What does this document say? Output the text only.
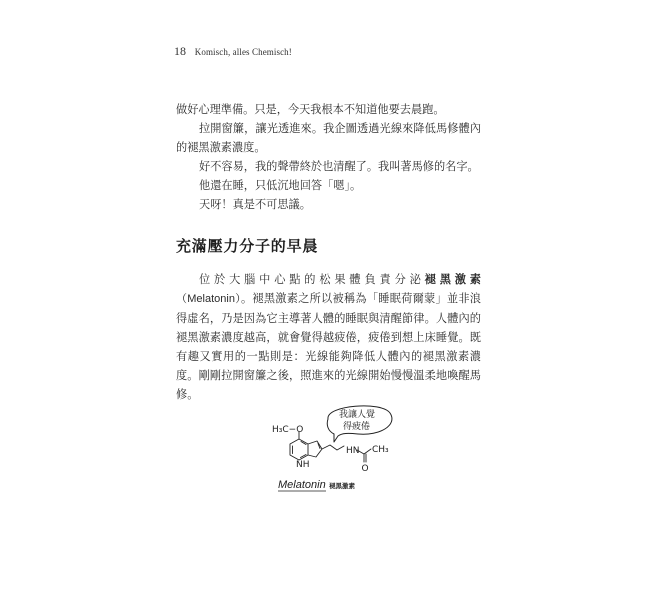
18 Komisch, alles Chemisch!

做好心理準備。只是，今天我根本不知道他要去晨跑。

拉開窗簾，讓光透進來。我企圖透過光線來降低馬修體內的褪黑激素濃度。

好不容易，我的聲帶終於也清醒了。我叫著馬修的名字。

他還在睡，只低沉地回答「嗯」。

天呀！真是不可思議。

充滿壓力分子的早晨

位於大腦中心點的松果體負責分泌褪黑激素（Melatonin）。褪黑激素之所以被稱為「睡眠荷爾蒙」並非浪得虛名，乃是因為它主導著人體的睡眠與清醒節律。人體內的褪黑激素濃度越高，就會覺得越疲倦，疲倦到想上床睡覺。既有趣又實用的一點則是：光線能夠降低人體內的褪黑激素濃度。剛剛拉開窗簾之後，照進來的光線開始慢慢溫柔地喚醒馬修。

H₃C−O
NH
HN CH₃
O
我讓人覺
得疲倦
Melatonin 褪黑激素
